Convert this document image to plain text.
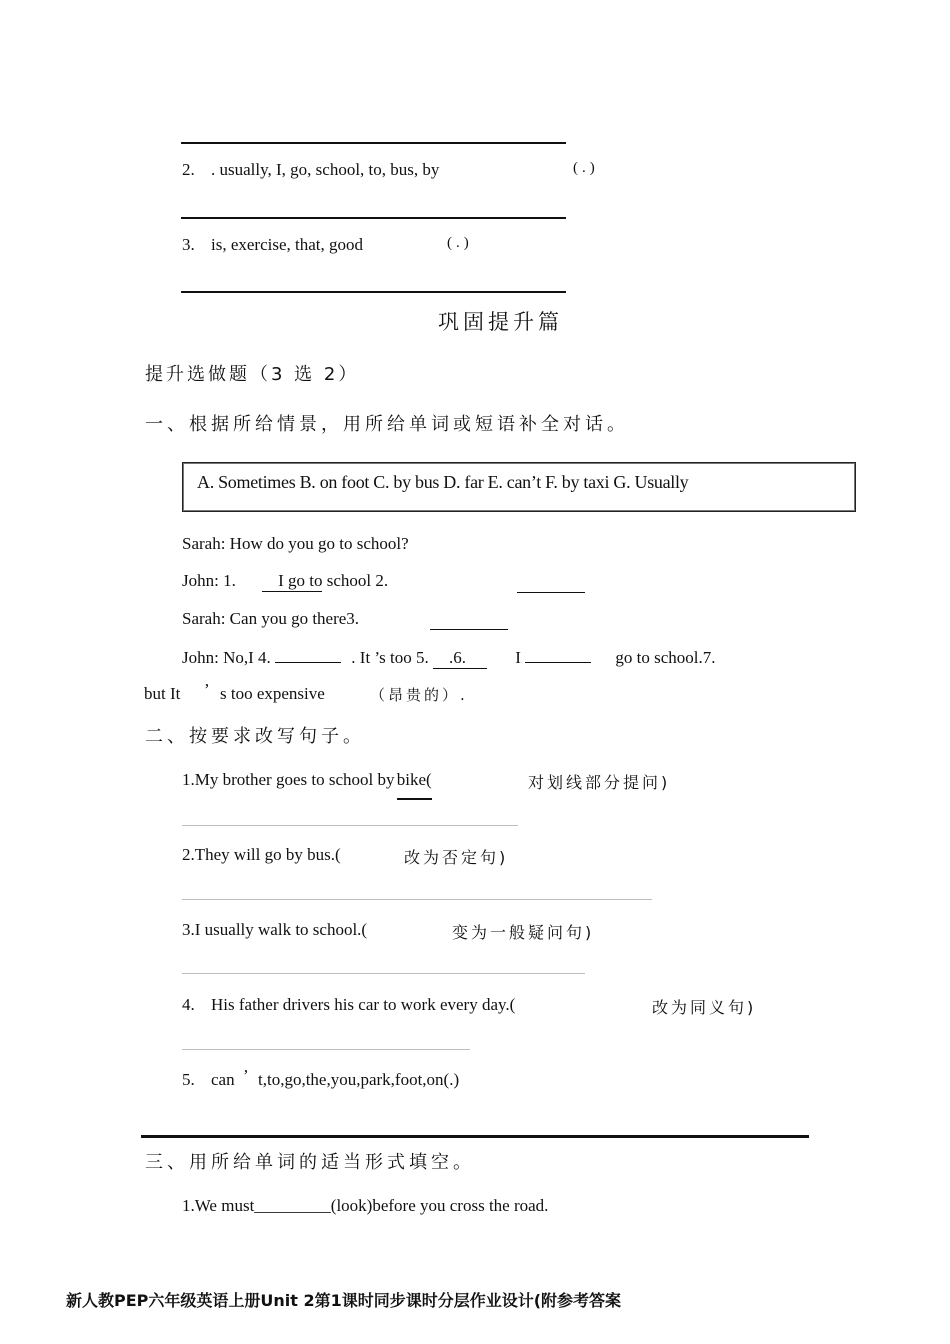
2. . usually, I, go, school, to, bus, by	(.)
3. is, exercise, that, good	(.)
巩固提升篇
提升选做题（3 选 2）
一、根据所给情景，用所给单词或短语补全对话。
A. Sometimes B. on foot C. by bus D. far E. can’t F. by taxi G. Usually
Sarah: How do you go to school?
John: 1. I go to school 2.
Sarah: Can you go there3.
John: No,I 4.	. It ’s too 5. .6.	I	go to school.7.
but It ’ s too expensive	（昂贵的）.
二、按要求改写句子。
1.My brother goes to school by bike(	对划线部分提问)
2.They will go by bus.(	改为否定句)
3.I usually walk to school.(	变为一般疑问句)
4. His father drivers his car to work every day.(	改为同义句)
5. can ’ t,to,go,the,you,park,foot,on(.)
三、用所给单词的适当形式填空。
1.We must_________(look)before you cross the road.
新人教PEP六年级英语上册Unit 2第1课时同步课时分层作业设计(附参考答案
